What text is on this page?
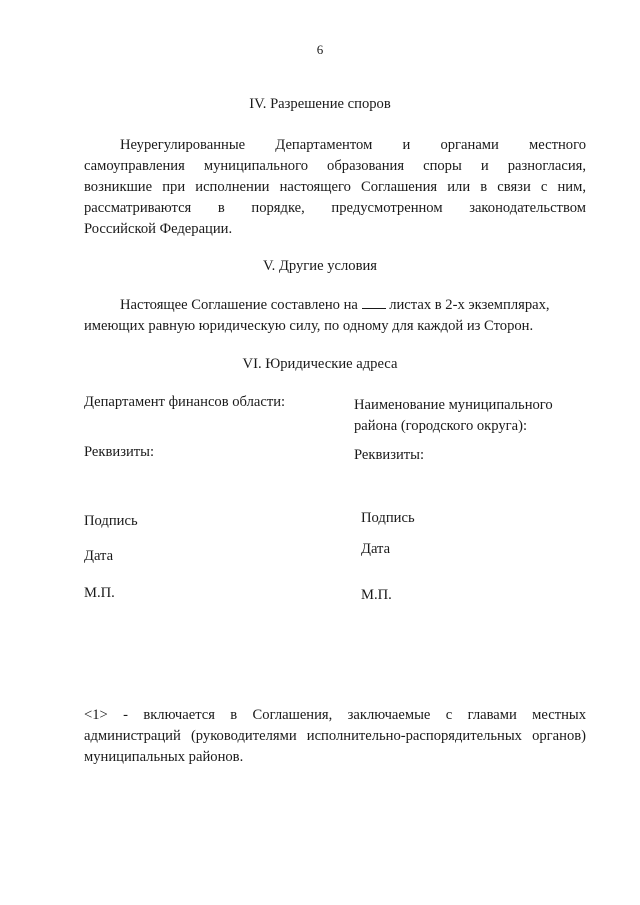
6
IV. Разрешение споров
Неурегулированные Департаментом и органами местного
самоуправления муниципального образования споры и разногласия,
возникшие при исполнении настоящего Соглашения или в связи с ним,
рассматриваются в порядке, предусмотренном законодательством
Российской Федерации.
V. Другие условия
Настоящее Соглашение составлено на листах в 2-х экземплярах,
имеющих равную юридическую силу, по одному для каждой из Сторон.
VI. Юридические адреса
Департамент финансов области:
Реквизиты:
Подпись
Дата
М.П.
Наименование муниципального
района (городского округа):
Реквизиты:
Подпись
Дата
М.П.
<1> - включается в Соглашения, заключаемые с главами местных
администраций (руководителями исполнительно-распорядительных органов)
муниципальных районов.
